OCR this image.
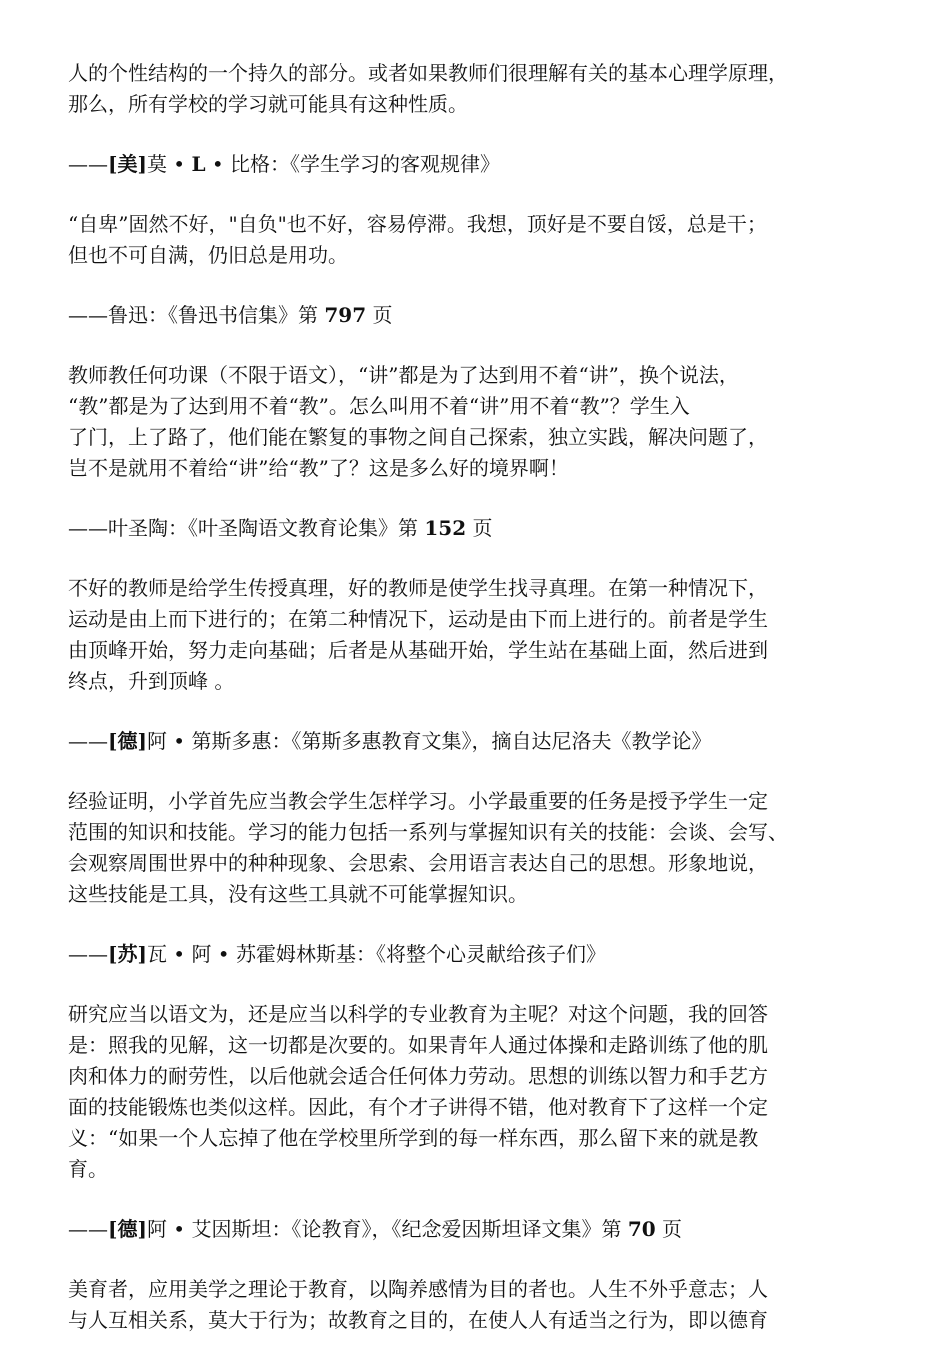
人的个性结构的一个持久的部分。或者如果教师们很理解有关的基本心理学原理，
那么，所有学校的学习就可能具有这种性质。
——[美]莫 • L • 比格：《学生学习的客观规律》
“自卑”固然不好，"自负"也不好，容易停滞。我想，顶好是不要自馁，总是干；
但也不可自满，仍旧总是用功。
——鲁迅：《鲁迅书信集》第 797 页
教师教任何功课（不限于语文），“讲”都是为了达到用不着“讲”，换个说法，
“教”都是为了达到用不着“教”。怎么叫用不着“讲”用不着“教”？学生入
了门，上了路了，他们能在繁复的事物之间自己探索，独立实践，解决问题了，
岂不是就用不着给“讲”给“教”了？这是多么好的境界啊！
——叶圣陶：《叶圣陶语文教育论集》第 152 页
不好的教师是给学生传授真理，好的教师是使学生找寻真理。在第一种情况下，
运动是由上而下进行的；在第二种情况下，运动是由下而上进行的。前者是学生
由顶峰开始，努力走向基础；后者是从基础开始，学生站在基础上面，然后进到
终点，升到顶峰 。
——[德]阿 • 第斯多惠：《第斯多惠教育文集》，摘自达尼洛夫《教学论》
经验证明，小学首先应当教会学生怎样学习。小学最重要的任务是授予学生一定
范围的知识和技能。学习的能力包括一系列与掌握知识有关的技能：会谈、会写、
会观察周围世界中的种种现象、会思索、会用语言表达自己的思想。形象地说，
这些技能是工具，没有这些工具就不可能掌握知识。
——[苏]瓦 • 阿 • 苏霍姆林斯基：《将整个心灵献给孩子们》
研究应当以语文为，还是应当以科学的专业教育为主呢？对这个问题，我的回答
是：照我的见解，这一切都是次要的。如果青年人通过体操和走路训练了他的肌
肉和体力的耐劳性，以后他就会适合任何体力劳动。思想的训练以智力和手艺方
面的技能锻炼也类似这样。因此，有个才子讲得不错，他对教育下了这样一个定
义：“如果一个人忘掉了他在学校里所学到的每一样东西，那么留下来的就是教
育。
——[德]阿 • 艾因斯坦：《论教育》，《纪念爱因斯坦译文集》第 70 页
美育者，应用美学之理论于教育，以陶养感情为目的者也。人生不外乎意志；人
与人互相关系，莫大于行为；故教育之目的，在使人人有适当之行为，即以德育
